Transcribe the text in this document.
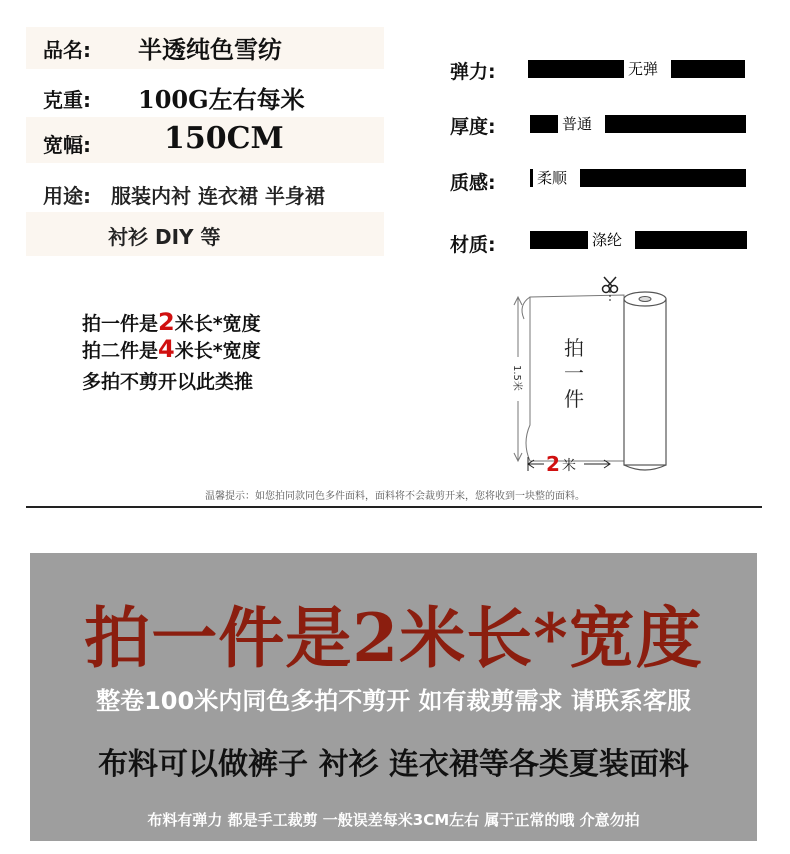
品名: 半透纯色雪纺
克重: 100G左右每米
宽幅: 150CM
用途: 服装内衬 连衣裙 半身裙
衬衫 DIY 等
弹力:	无弹
厚度:	普通
质感:	柔顺
材质:	涤纶
拍一件是2米长*宽度
拍二件是4米长*宽度
多拍不剪开以此类推	1.5米
拍
一
件
2 米
温馨提示：如您拍同款同色多件面料，面料将不会裁剪开来，您将收到一块整的面料。
拍一件是2米长*宽度
整卷100米内同色多拍不剪开 如有裁剪需求 请联系客服
布料可以做裤子 衬衫 连衣裙等各类夏装面料
布料有弹力 都是手工裁剪 一般误差每米3CM左右 属于正常的哦 介意勿拍
